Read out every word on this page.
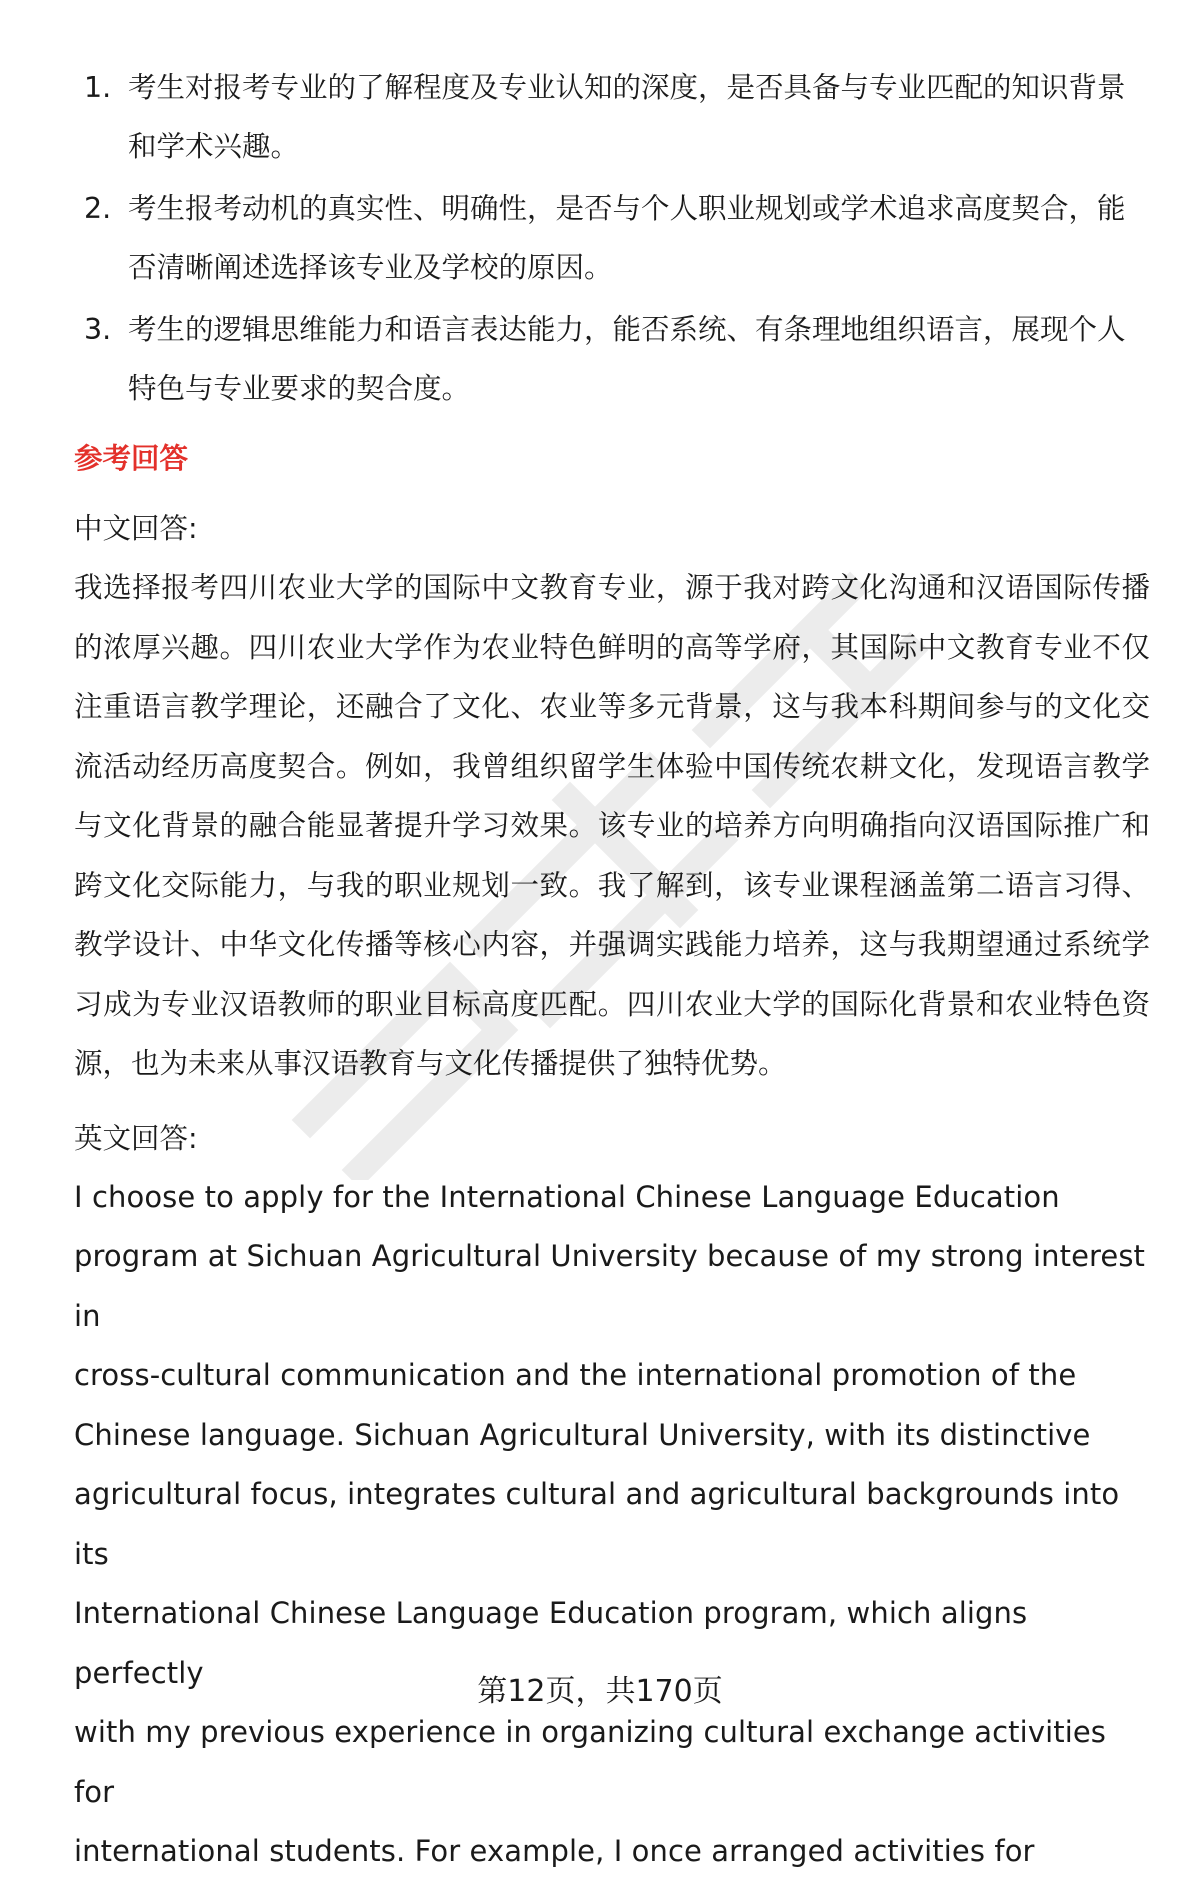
1. 考生对报考专业的了解程度及专业认知的深度，是否具备与专业匹配的知识背景和学术兴趣。
2. 考生报考动机的真实性、明确性，是否与个人职业规划或学术追求高度契合，能否清晰阐述选择该专业及学校的原因。
3. 考生的逻辑思维能力和语言表达能力，能否系统、有条理地组织语言，展现个人特色与专业要求的契合度。
参考回答
中文回答:

我选择报考四川农业大学的国际中文教育专业，源于我对跨文化沟通和汉语国际传播的浓厚兴趣。四川农业大学作为农业特色鲜明的高等学府，其国际中文教育专业不仅注重语言教学理论，还融合了文化、农业等多元背景，这与我本科期间参与的文化交流活动经历高度契合。例如，我曾组织留学生体验中国传统农耕文化，发现语言教学与文化背景的融合能显著提升学习效果。该专业的培养方向明确指向汉语国际推广和跨文化交际能力，与我的职业规划一致。我了解到，该专业课程涵盖第二语言习得、教学设计、中华文化传播等核心内容，并强调实践能力培养，这与我期望通过系统学习成为专业汉语教师的职业目标高度匹配。四川农业大学的国际化背景和农业特色资源，也为未来从事汉语教育与文化传播提供了独特优势。

英文回答:
I choose to apply for the International Chinese Language Education
program at Sichuan Agricultural University because of my strong interest in
cross-cultural communication and the international promotion of the
Chinese language. Sichuan Agricultural University, with its distinctive
agricultural focus, integrates cultural and agricultural backgrounds into its
International Chinese Language Education program, which aligns perfectly
with my previous experience in organizing cultural exchange activities for
international students. For example, I once arranged activities for
第12页，共170页
